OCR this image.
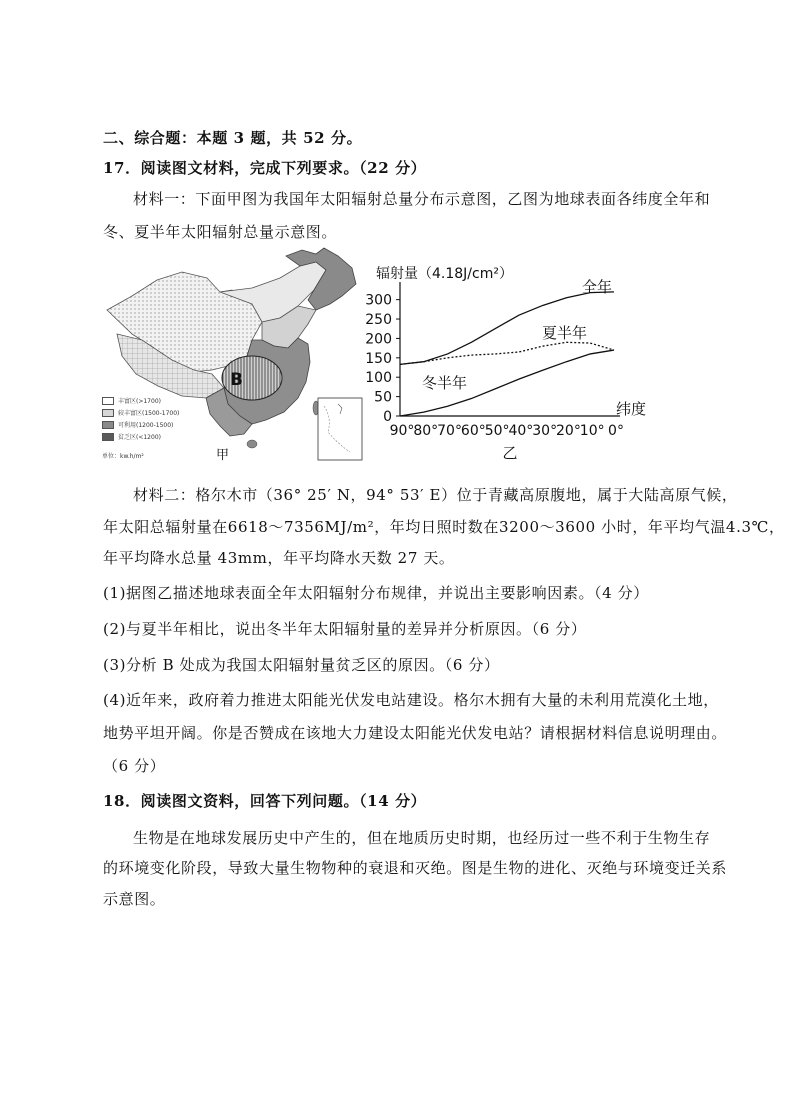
二、综合题：本题 3 题，共 52 分。
17．阅读图文材料，完成下列要求。（22 分）
材料一：下面甲图为我国年太阳辐射总量分布示意图，乙图为地球表面各纬度全年和
冬、夏半年太阳辐射总量示意图。
B
甲
丰富区(>1700)
较丰富区(1500-1700)
可利用(1200-1500)
贫乏区(<1200)
单位：kw.h/m²
辐射量（4.18J/cm²）
0
50
100
150
200
250
300
90°
80°
70°
60°
50°
40°
30°
20°
10° 0°
纬度
全年
夏半年
冬半年
乙
材料二：格尔木市（36° 25′ N，94° 53′ E）位于青藏高原腹地，属于大陆高原气候，
年太阳总辐射量在6618～7356MJ/m²，年均日照时数在3200～3600 小时，年平均气温4.3℃，
年平均降水总量 43mm，年平均降水天数 27 天。
(1)据图乙描述地球表面全年太阳辐射分布规律，并说出主要影响因素。（4 分）
(2)与夏半年相比，说出冬半年太阳辐射量的差异并分析原因。（6 分）
(3)分析 B 处成为我国太阳辐射量贫乏区的原因。（6 分）
(4)近年来，政府着力推进太阳能光伏发电站建设。格尔木拥有大量的未利用荒漠化土地，
地势平坦开阔。你是否赞成在该地大力建设太阳能光伏发电站？请根据材料信息说明理由。
（6 分）
18．阅读图文资料，回答下列问题。（14 分）
生物是在地球发展历史中产生的，但在地质历史时期，也经历过一些不利于生物生存
的环境变化阶段，导致大量生物物种的衰退和灭绝。图是生物的进化、灭绝与环境变迁关系
示意图。
